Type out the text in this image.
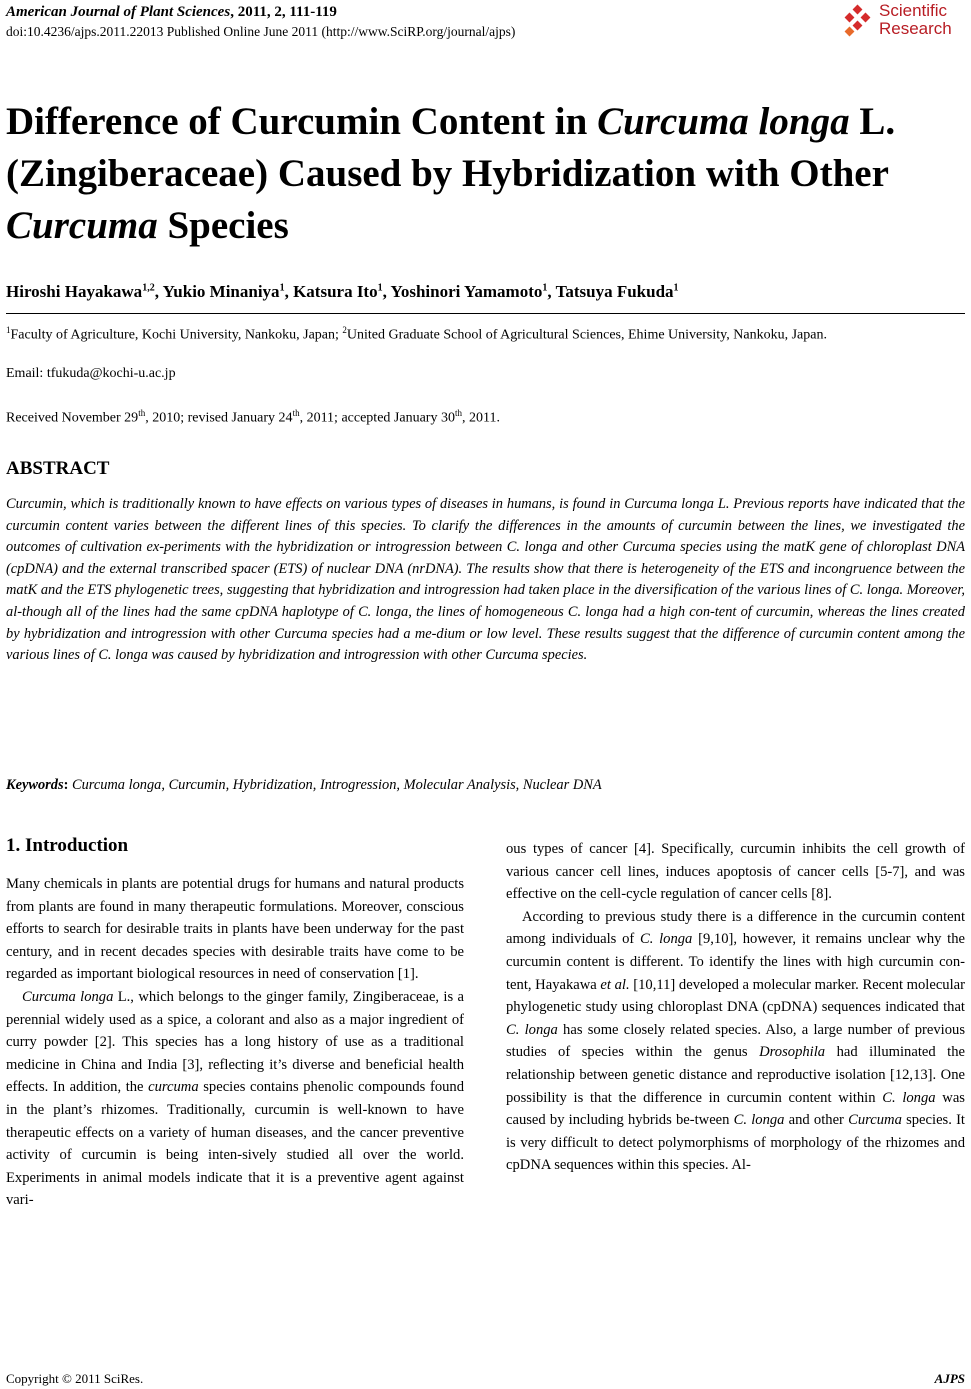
American Journal of Plant Sciences, 2011, 2, 111-119
doi:10.4236/ajps.2011.22013 Published Online June 2011 (http://www.SciRP.org/journal/ajps)
Scientific
Research
Difference of Curcumin Content in Curcuma longa L. (Zingiberaceae) Caused by Hybridization with Other Curcuma Species
Hiroshi Hayakawa$^{1,2}$, Yukio Minaniya$^1$, Katsura Ito$^1$, Yoshinori Yamamoto$^1$, Tatsuya Fukuda$^1$
$^1$Faculty of Agriculture, Kochi University, Nankoku, Japan; $^2$United Graduate School of Agricultural Sciences, Ehime University, Nankoku, Japan.
Email: tfukuda@kochi-u.ac.jp
Received November 29th, 2010; revised January 24th, 2011; accepted January 30th, 2011.
ABSTRACT
Curcumin, which is traditionally known to have effects on various types of diseases in humans, is found in Curcuma longa L. Previous reports have indicated that the curcumin content varies between the different lines of this species. To clarify the differences in the amounts of curcumin between the lines, we investigated the outcomes of cultivation ex-periments with the hybridization or introgression between C. longa and other Curcuma species using the matK gene of chloroplast DNA (cpDNA) and the external transcribed spacer (ETS) of nuclear DNA (nrDNA). The results show that there is heterogeneity of the ETS and incongruence between the matK and the ETS phylogenetic trees, suggesting that hybridization and introgression had taken place in the diversification of the various lines of C. longa. Moreover, al-though all of the lines had the same cpDNA haplotype of C. longa, the lines of homogeneous C. longa had a high con-tent of curcumin, whereas the lines created by hybridization and introgression with other Curcuma species had a me-dium or low level. These results suggest that the difference of curcumin content among the various lines of C. longa was caused by hybridization and introgression with other Curcuma species.
Keywords: Curcuma longa, Curcumin, Hybridization, Introgression, Molecular Analysis, Nuclear DNA
1. Introduction

Many chemicals in plants are potential drugs for humans and natural products from plants are found in many therapeutic formulations. Moreover, conscious efforts to search for desirable traits in plants have been underway for the past century, and in recent decades species with desirable traits have come to be regarded as important biological resources in need of conservation [1].

Curcuma longa L., which belongs to the ginger family, Zingiberaceae, is a perennial widely used as a spice, a colorant and also as a major ingredient of curry powder [2]. This species has a long history of use as a traditional medicine in China and India [3], reflecting it’s diverse and beneficial health effects. In addition, the curcuma species contains phenolic compounds found in the plant’s rhizomes. Traditionally, curcumin is well-known to have therapeutic effects on a variety of human diseases, and the cancer preventive activity of curcumin is being inten-sively studied all over the world. Experiments in animal models indicate that it is a preventive agent against vari-

ous types of cancer [4]. Specifically, curcumin inhibits the cell growth of various cancer cell lines, induces apoptosis of cancer cells [5-7], and was effective on the cell-cycle regulation of cancer cells [8].

According to previous study there is a difference in the curcumin content among individuals of C. longa [9,10], however, it remains unclear why the curcumin content is different. To identify the lines with high curcumin con-tent, Hayakawa et al. [10,11] developed a molecular marker. Recent molecular phylogenetic study using chloroplast DNA (cpDNA) sequences indicated that C. longa has some closely related species. Also, a large number of previous studies of species within the genus Drosophila had illuminated the relationship between genetic distance and reproductive isolation [12,13]. One possibility is that the difference in curcumin content within C. longa was caused by including hybrids be-tween C. longa and other Curcuma species. It is very difficult to detect polymorphisms of morphology of the rhizomes and cpDNA sequences within this species. Al-

Copyright © 2011 SciRes.	AJPS
